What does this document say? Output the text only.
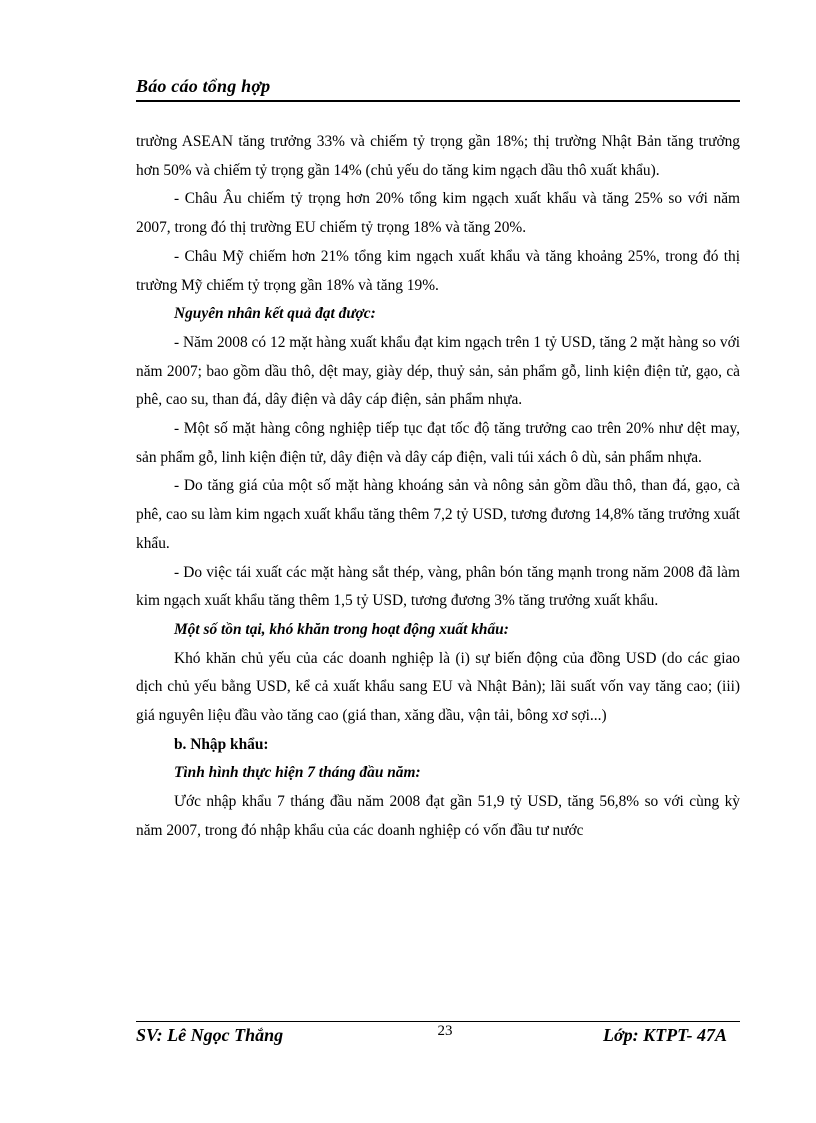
Báo cáo tổng hợp

trường ASEAN tăng trưởng 33% và chiếm tỷ trọng gần 18%; thị trường Nhật Bản tăng trưởng hơn 50% và chiếm tỷ trọng gần 14% (chủ yếu do tăng kim ngạch dầu thô xuất khẩu).

- Châu Âu chiếm tỷ trọng hơn 20% tổng kim ngạch xuất khẩu và tăng 25% so với năm 2007, trong đó thị trường EU chiếm tỷ trọng 18% và tăng 20%.

- Châu Mỹ chiếm hơn 21% tổng kim ngạch xuất khẩu và tăng khoảng 25%, trong đó thị trường Mỹ chiếm tỷ trọng gần 18% và tăng 19%.

Nguyên nhân kết quả đạt được:

- Năm 2008 có 12 mặt hàng xuất khẩu đạt kim ngạch trên 1 tỷ USD, tăng 2 mặt hàng so với năm 2007; bao gồm dầu thô, dệt may, giày dép, thuỷ sản, sản phẩm gỗ, linh kiện điện tử, gạo, cà phê, cao su, than đá, dây điện và dây cáp điện, sản phẩm nhựa.

- Một số mặt hàng công nghiệp tiếp tục đạt tốc độ tăng trưởng cao trên 20% như dệt may, sản phẩm gỗ, linh kiện điện tử, dây điện và dây cáp điện, vali túi xách ô dù, sản phẩm nhựa.

- Do tăng giá của một số mặt hàng khoáng sản và nông sản gồm dầu thô, than đá, gạo, cà phê, cao su làm kim ngạch xuất khẩu tăng thêm 7,2 tỷ USD, tương đương 14,8% tăng trưởng xuất khẩu.

- Do việc tái xuất các mặt hàng sắt thép, vàng, phân bón tăng mạnh trong năm 2008 đã làm kim ngạch xuất khẩu tăng thêm 1,5 tỷ USD, tương đương 3% tăng trưởng xuất khẩu.

Một số tồn tại, khó khăn trong hoạt động xuất khẩu:

Khó khăn chủ yếu của các doanh nghiệp là (i) sự biến động của đồng USD (do các giao dịch chủ yếu bằng USD, kể cả xuất khẩu sang EU và Nhật Bản); lãi suất vốn vay tăng cao; (iii) giá nguyên liệu đầu vào tăng cao (giá than, xăng dầu, vận tải, bông xơ sợi...)

b. Nhập khẩu:

Tình hình thực hiện 7 tháng đầu năm:

Ước nhập khẩu 7 tháng đầu năm 2008 đạt gần 51,9 tỷ USD, tăng 56,8% so với cùng kỳ năm 2007, trong đó nhập khẩu của các doanh nghiệp có vốn đầu tư nước

SV: Lê Ngọc Thắng	23	Lớp: KTPT- 47A
